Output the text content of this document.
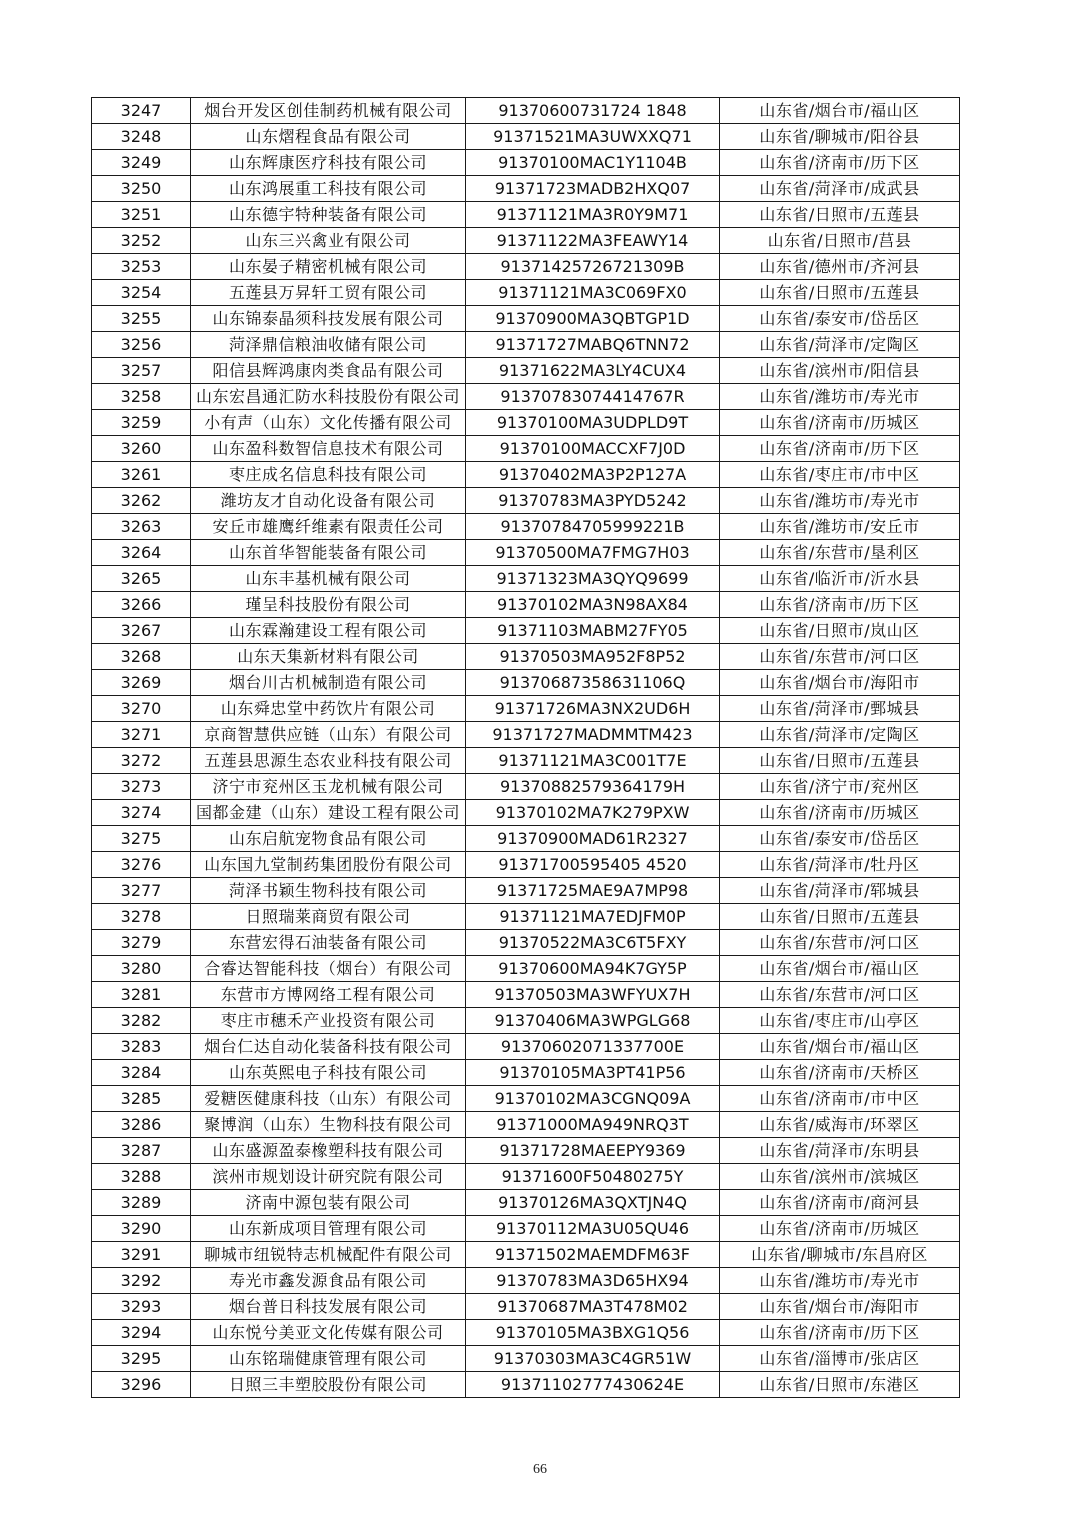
3247	烟台开发区创佳制药机械有限公司	91370600731724 1848	山东省/烟台市/福山区
3248	山东熠程食品有限公司	91371521MA3UWXXQ71	山东省/聊城市/阳谷县
3249	山东辉康医疗科技有限公司	91370100MAC1Y1104B	山东省/济南市/历下区
3250	山东鸿展重工科技有限公司	91371723MADB2HXQ07	山东省/菏泽市/成武县
3251	山东德宇特种装备有限公司	91371121MA3R0Y9M71	山东省/日照市/五莲县
3252	山东三兴禽业有限公司	91371122MA3FEAWY14	山东省/日照市/莒县
3253	山东晏子精密机械有限公司	91371425726721309B	山东省/德州市/齐河县
3254	五莲县万昇轩工贸有限公司	91371121MA3C069FX0	山东省/日照市/五莲县
3255	山东锦泰晶须科技发展有限公司	91370900MA3QBTGP1D	山东省/泰安市/岱岳区
3256	菏泽鼎信粮油收储有限公司	91371727MABQ6TNN72	山东省/菏泽市/定陶区
3257	阳信县辉鸿康肉类食品有限公司	91371622MA3LY4CUX4	山东省/滨州市/阳信县
3258	山东宏昌通汇防水科技股份有限公司	91370783074414767R	山东省/潍坊市/寿光市
3259	小有声（山东）文化传播有限公司	91370100MA3UDPLD9T	山东省/济南市/历城区
3260	山东盈科数智信息技术有限公司	91370100MACCXF7J0D	山东省/济南市/历下区
3261	枣庄成名信息科技有限公司	91370402MA3P2P127A	山东省/枣庄市/市中区
3262	潍坊友才自动化设备有限公司	91370783MA3PYD5242	山东省/潍坊市/寿光市
3263	安丘市雄鹰纤维素有限责任公司	91370784705999221B	山东省/潍坊市/安丘市
3264	山东首华智能装备有限公司	91370500MA7FMG7H03	山东省/东营市/垦利区
3265	山东丰基机械有限公司	91371323MA3QYQ9699	山东省/临沂市/沂水县
3266	瑾呈科技股份有限公司	91370102MA3N98AX84	山东省/济南市/历下区
3267	山东霖瀚建设工程有限公司	91371103MABM27FY05	山东省/日照市/岚山区
3268	山东天集新材料有限公司	91370503MA952F8P52	山东省/东营市/河口区
3269	烟台川古机械制造有限公司	91370687358631106Q	山东省/烟台市/海阳市
3270	山东舜忠堂中药饮片有限公司	91371726MA3NX2UD6H	山东省/菏泽市/鄄城县
3271	京商智慧供应链（山东）有限公司	91371727MADMMTM423	山东省/菏泽市/定陶区
3272	五莲县思源生态农业科技有限公司	91371121MA3C001T7E	山东省/日照市/五莲县
3273	济宁市兖州区玉龙机械有限公司	91370882579364179H	山东省/济宁市/兖州区
3274	国都金建（山东）建设工程有限公司	91370102MA7K279PXW	山东省/济南市/历城区
3275	山东启航宠物食品有限公司	91370900MAD61R2327	山东省/泰安市/岱岳区
3276	山东国九堂制药集团股份有限公司	91371700595405 4520	山东省/菏泽市/牡丹区
3277	菏泽书颖生物科技有限公司	91371725MAE9A7MP98	山东省/菏泽市/郓城县
3278	日照瑞莱商贸有限公司	91371121MA7EDJFM0P	山东省/日照市/五莲县
3279	东营宏得石油装备有限公司	91370522MA3C6T5FXY	山东省/东营市/河口区
3280	合睿达智能科技（烟台）有限公司	91370600MA94K7GY5P	山东省/烟台市/福山区
3281	东营市方博网络工程有限公司	91370503MA3WFYUX7H	山东省/东营市/河口区
3282	枣庄市穗禾产业投资有限公司	91370406MA3WPGLG68	山东省/枣庄市/山亭区
3283	烟台仁达自动化装备科技有限公司	91370602071337700E	山东省/烟台市/福山区
3284	山东英熙电子科技有限公司	91370105MA3PT41P56	山东省/济南市/天桥区
3285	爱糖医健康科技（山东）有限公司	91370102MA3CGNQ09A	山东省/济南市/市中区
3286	聚博润（山东）生物科技有限公司	91371000MA949NRQ3T	山东省/威海市/环翠区
3287	山东盛源盈泰橡塑科技有限公司	91371728MAEEPY9369	山东省/菏泽市/东明县
3288	滨州市规划设计研究院有限公司	91371600F50480275Y	山东省/滨州市/滨城区
3289	济南中源包装有限公司	91370126MA3QXTJN4Q	山东省/济南市/商河县
3290	山东新成项目管理有限公司	91370112MA3U05QU46	山东省/济南市/历城区
3291	聊城市纽锐特志机械配件有限公司	91371502MAEMDFM63F	山东省/聊城市/东昌府区
3292	寿光市鑫发源食品有限公司	91370783MA3D65HX94	山东省/潍坊市/寿光市
3293	烟台普日科技发展有限公司	91370687MA3T478M02	山东省/烟台市/海阳市
3294	山东悦兮美亚文化传媒有限公司	91370105MA3BXG1Q56	山东省/济南市/历下区
3295	山东铭瑞健康管理有限公司	91370303MA3C4GR51W	山东省/淄博市/张店区
3296	日照三丰塑胶股份有限公司	91371102777430624E	山东省/日照市/东港区
66
